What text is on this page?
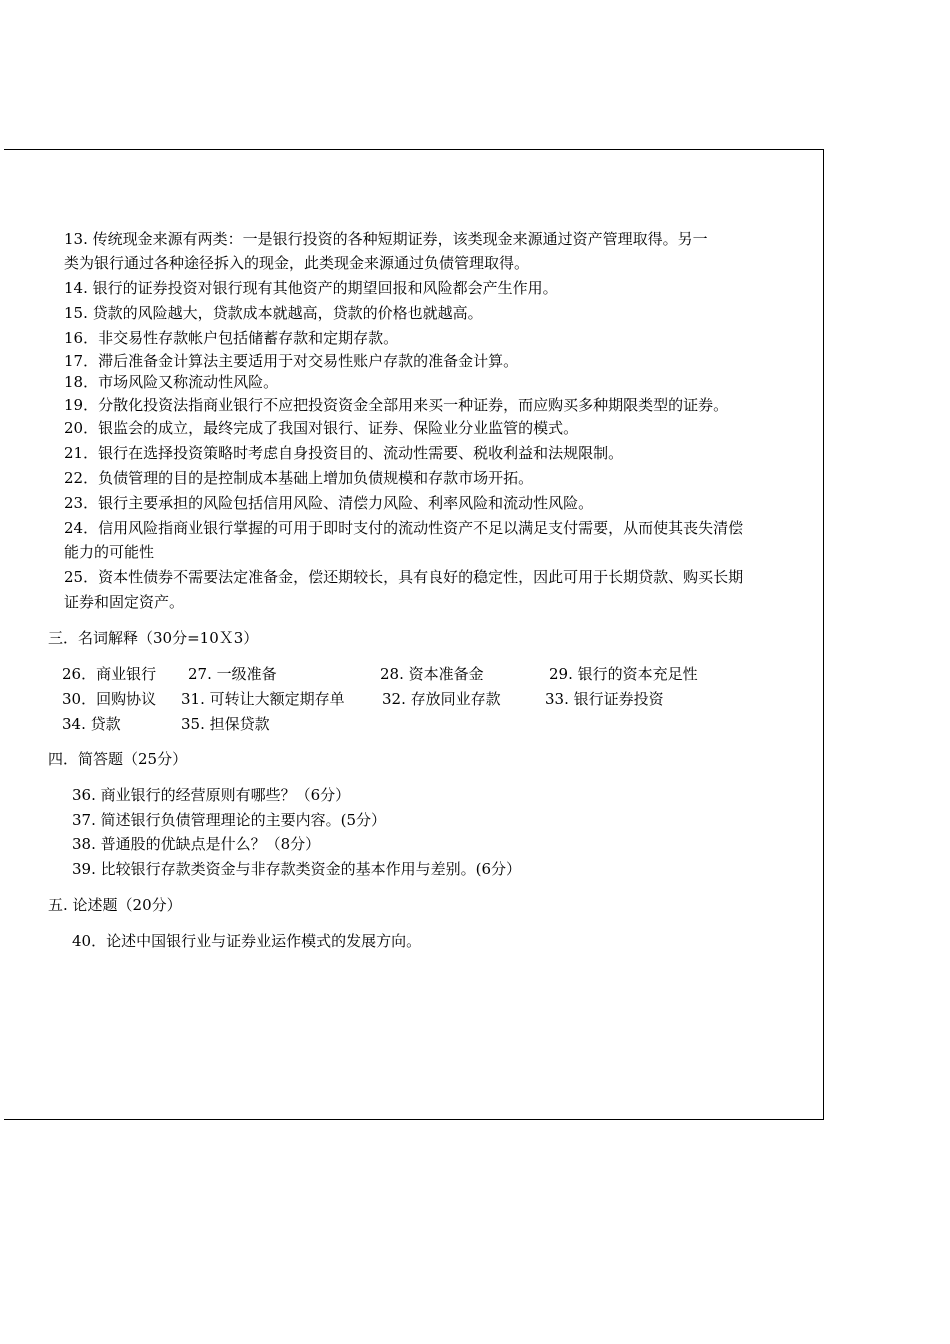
13. 传统现金来源有两类：一是银行投资的各种短期证券，该类现金来源通过资产管理取得。另一
类为银行通过各种途径拆入的现金，此类现金来源通过负债管理取得。
14. 银行的证券投资对银行现有其他资产的期望回报和风险都会产生作用。
15. 贷款的风险越大，贷款成本就越高，贷款的价格也就越高。
16．非交易性存款帐户包括储蓄存款和定期存款。
17．滞后准备金计算法主要适用于对交易性账户存款的准备金计算。
18．市场风险又称流动性风险。
19．分散化投资法指商业银行不应把投资资金全部用来买一种证券，而应购买多种期限类型的证券。
20．银监会的成立，最终完成了我国对银行、证券、保险业分业监管的模式。
21．银行在选择投资策略时考虑自身投资目的、流动性需要、税收利益和法规限制。
22．负债管理的目的是控制成本基础上增加负债规模和存款市场开拓。
23．银行主要承担的风险包括信用风险、清偿力风险、利率风险和流动性风险。
24．信用风险指商业银行掌握的可用于即时支付的流动性资产不足以满足支付需要，从而使其丧失清偿
能力的可能性
25．资本性债券不需要法定准备金，偿还期较长，具有良好的稳定性，因此可用于长期贷款、购买长期
证券和固定资产。
三．名词解释（30分=10Ｘ3）
26．商业银行 27. 一级准备	28. 资本准备金	29. 银行的资本充足性
30．回购协议 31. 可转让大额定期存单 32. 存放同业存款	33. 银行证券投资
34. 贷款	35. 担保贷款
四．简答题（25分）
36. 商业银行的经营原则有哪些？（6分）
37. 简述银行负债管理理论的主要内容。(5分）
38. 普通股的优缺点是什么？（8分）
39. 比较银行存款类资金与非存款类资金的基本作用与差别。(6分）
五. 论述题（20分）
40．论述中国银行业与证券业运作模式的发展方向。
